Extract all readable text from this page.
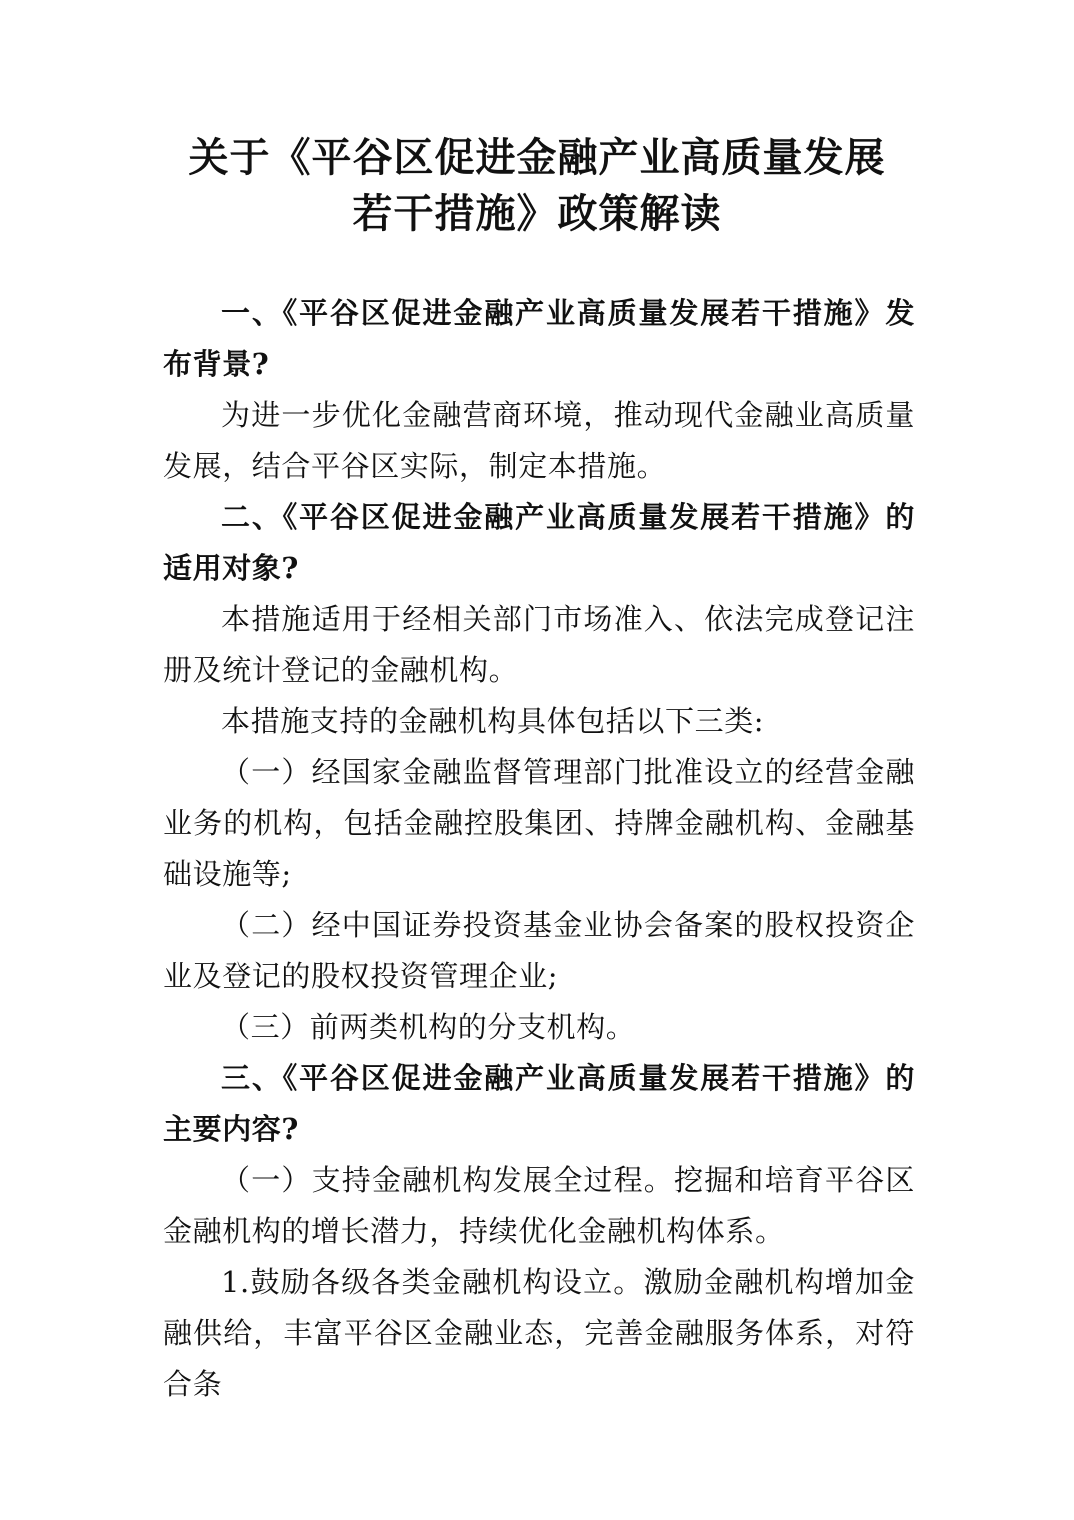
关于《平谷区促进金融产业高质量发展
若干措施》政策解读

一、《平谷区促进金融产业高质量发展若干措施》发布背景?

为进一步优化金融营商环境，推动现代金融业高质量发展，结合平谷区实际，制定本措施。

二、《平谷区促进金融产业高质量发展若干措施》的适用对象?

本措施适用于经相关部门市场准入、依法完成登记注册及统计登记的金融机构。

本措施支持的金融机构具体包括以下三类:

（一）经国家金融监督管理部门批准设立的经营金融业务的机构，包括金融控股集团、持牌金融机构、金融基础设施等;

（二）经中国证券投资基金业协会备案的股权投资企业及登记的股权投资管理企业;

（三）前两类机构的分支机构。

三、《平谷区促进金融产业高质量发展若干措施》的主要内容?

（一）支持金融机构发展全过程。挖掘和培育平谷区金融机构的增长潜力，持续优化金融机构体系。

1.鼓励各级各类金融机构设立。激励金融机构增加金融供给，丰富平谷区金融业态，完善金融服务体系，对符合条
